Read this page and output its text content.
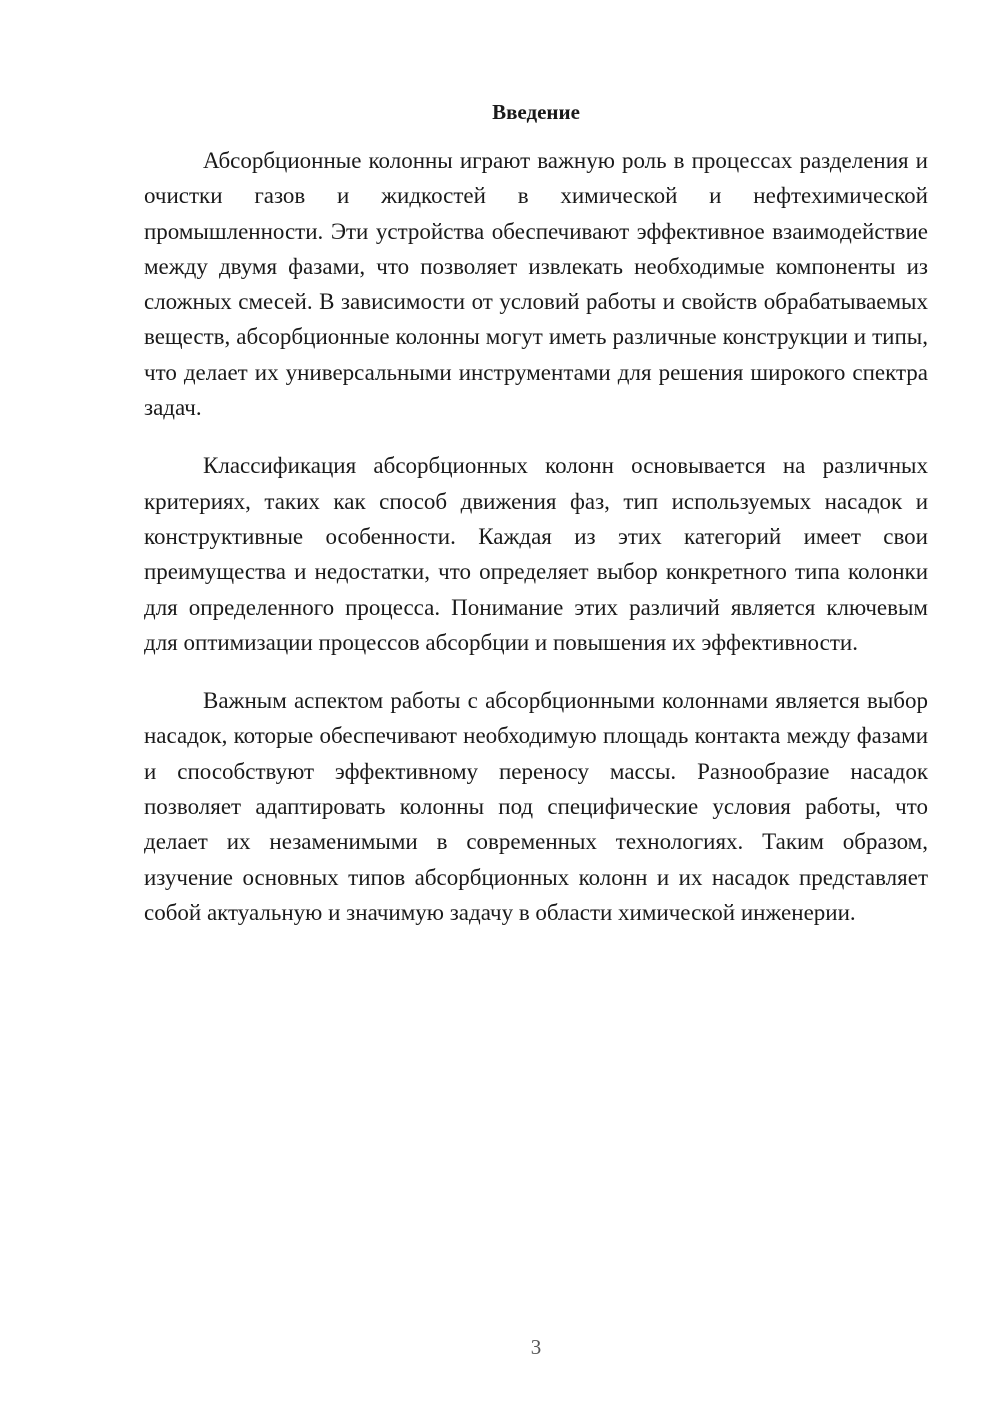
Введение

Абсорбционные колонны играют важную роль в процессах разделения и очистки газов и жидкостей в химической и нефтехимической промышленности. Эти устройства обеспечивают эффективное взаимодействие между двумя фазами, что позволяет извлекать необходимые компоненты из сложных смесей. В зависимости от условий работы и свойств обрабатываемых веществ, абсорбционные колонны могут иметь различные конструкции и типы, что делает их универсальными инструментами для решения широкого спектра задач.

Классификация абсорбционных колонн основывается на различных критериях, таких как способ движения фаз, тип используемых насадок и конструктивные особенности. Каждая из этих категорий имеет свои преимущества и недостатки, что определяет выбор конкретного типа колонки для определенного процесса. Понимание этих различий является ключевым для оптимизации процессов абсорбции и повышения их эффективности.

Важным аспектом работы с абсорбционными колоннами является выбор насадок, которые обеспечивают необходимую площадь контакта между фазами и способствуют эффективному переносу массы. Разнообразие насадок позволяет адаптировать колонны под специфические условия работы, что делает их незаменимыми в современных технологиях. Таким образом, изучение основных типов абсорбционных колонн и их насадок представляет собой актуальную и значимую задачу в области химической инженерии.

3
